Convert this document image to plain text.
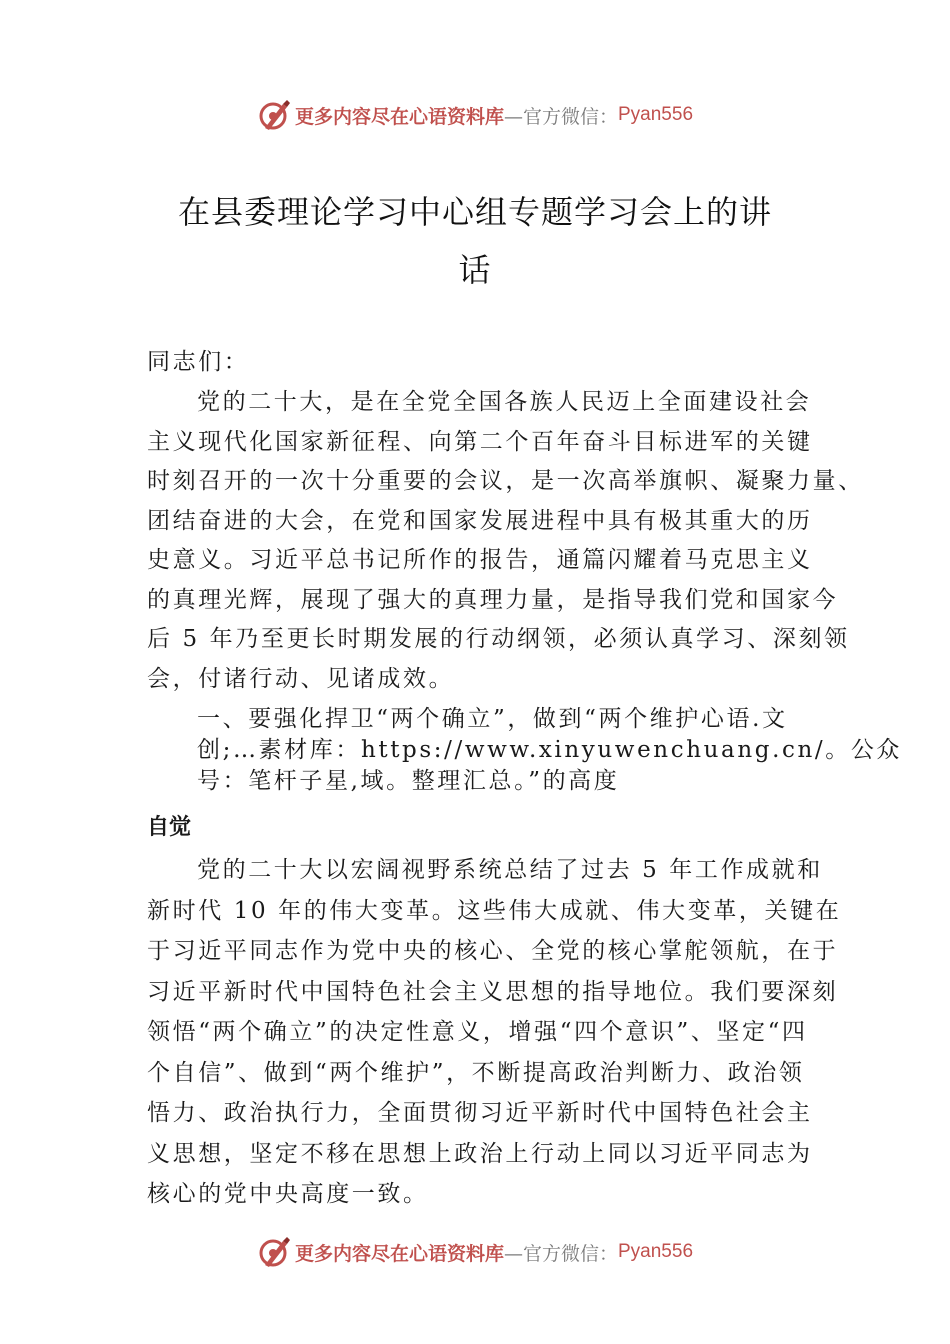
更多内容尽在心语资料库 —官方微信： Pyan556
在县委理论学习中心组专题学习会上的讲
话
同志们：
党的二十大，是在全党全国各族人民迈上全面建设社会
主义现代化国家新征程、向第二个百年奋斗目标进军的关键
时刻召开的一次十分重要的会议，是一次高举旗帜、凝聚力量、
团结奋进的大会，在党和国家发展进程中具有极其重大的历
史意义。习近平总书记所作的报告，通篇闪耀着马克思主义
的真理光辉，展现了强大的真理力量，是指导我们党和国家今
后 5 年乃至更长时期发展的行动纲领，必须认真学习、深刻领
会，付诸行动、见诸成效。
一、要强化捍卫“两个确立”，做到“两个维护心语.文
创;…素材库：https://www.xinyuwenchuang.cn/。公众
号：笔杆子星,域。整理汇总。”的高度
自觉
党的二十大以宏阔视野系统总结了过去 5 年工作成就和
新时代 10 年的伟大变革。这些伟大成就、伟大变革，关键在
于习近平同志作为党中央的核心、全党的核心掌舵领航，在于
习近平新时代中国特色社会主义思想的指导地位。我们要深刻
领悟“两个确立”的决定性意义，增强“四个意识”、坚定“四
个自信”、做到“两个维护”，不断提高政治判断力、政治领
悟力、政治执行力，全面贯彻习近平新时代中国特色社会主
义思想，坚定不移在思想上政治上行动上同以习近平同志为
核心的党中央高度一致。
更多内容尽在心语资料库 —官方微信： Pyan556
